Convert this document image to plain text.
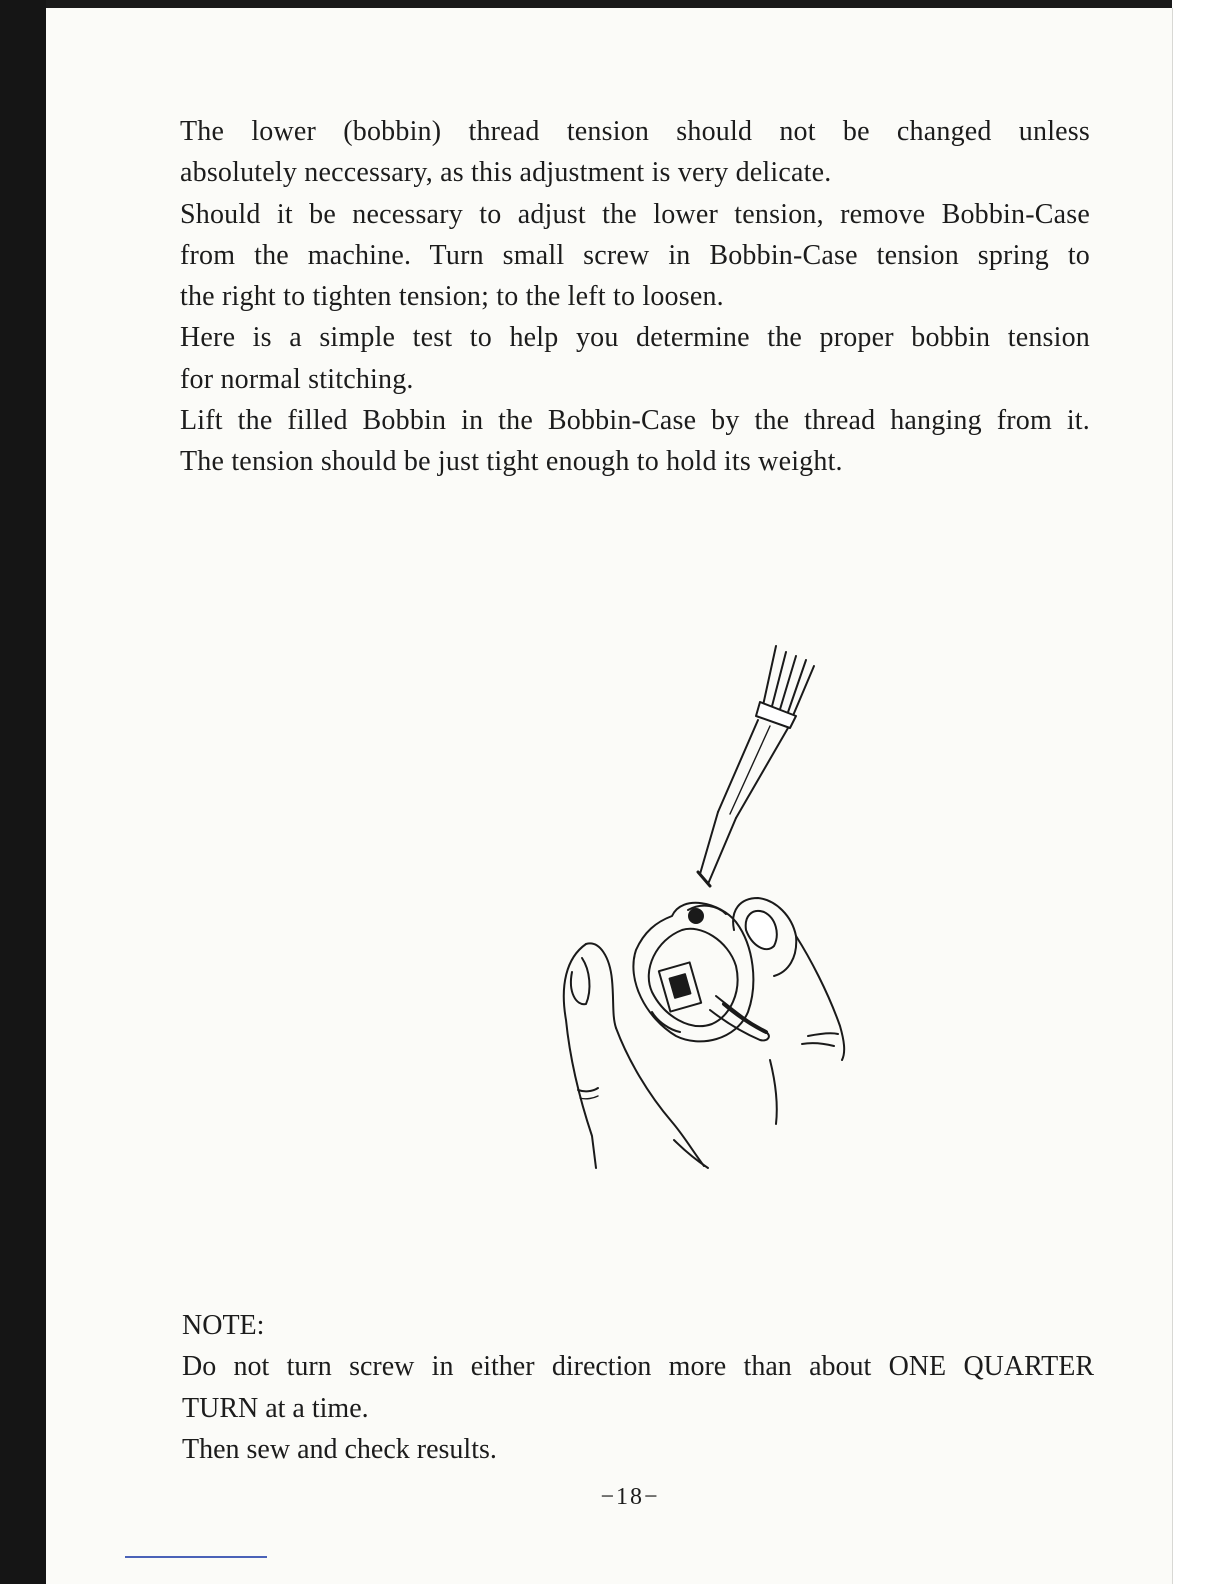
The lower (bobbin) thread tension should not be changed unless

absolutely neccessary, as this adjustment is very delicate.

Should it be necessary to adjust the lower tension, remove Bobbin-Case

from the machine. Turn small screw in Bobbin-Case tension spring to

the right to tighten tension; to the left to loosen.

Here is a simple test to help you determine the proper bobbin tension

for normal stitching.

Lift the filled Bobbin in the Bobbin-Case by the thread hanging from it.

The tension should be just tight enough to hold its weight.

NOTE:

Do not turn screw in either direction more than about ONE QUARTER

TURN at a time.

Then sew and check results.

−18−
